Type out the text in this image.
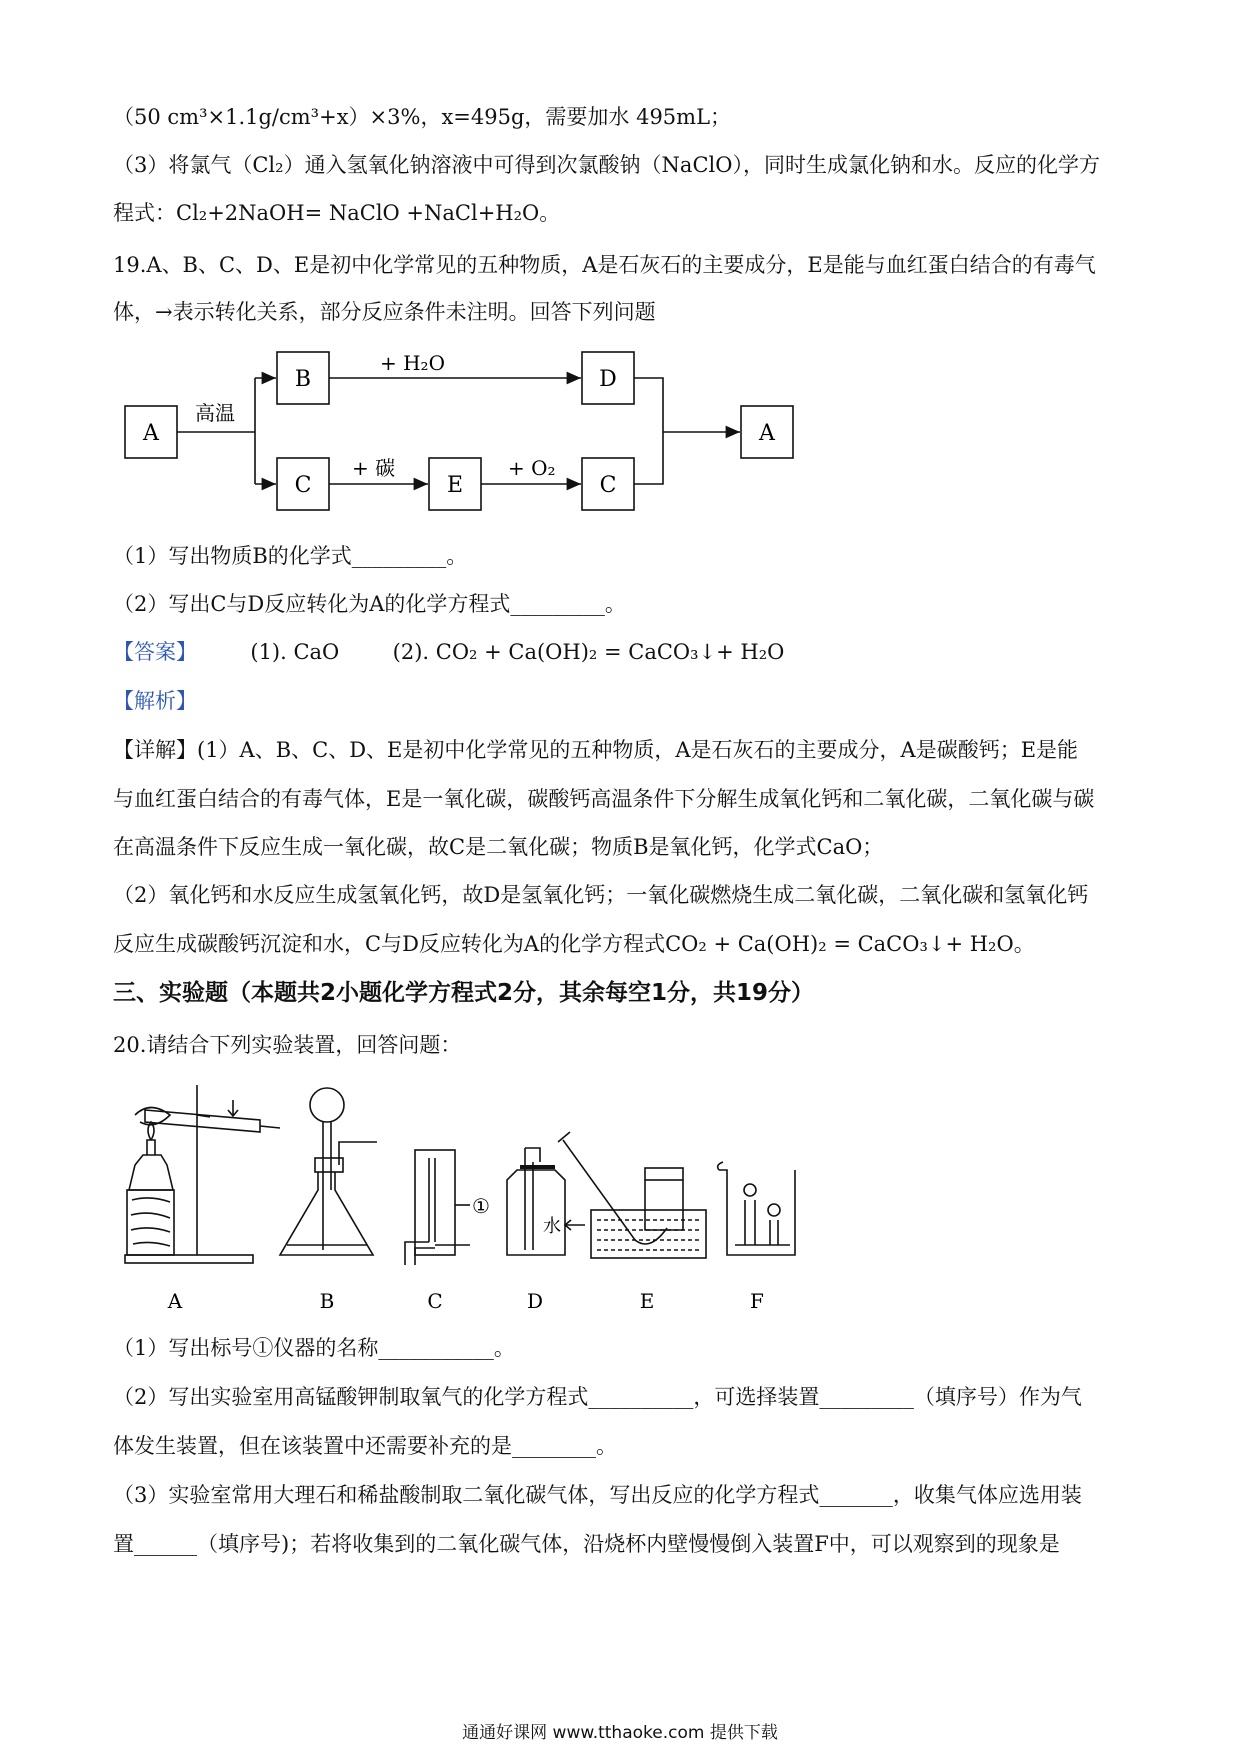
（50 cm³×1.1g/cm³+x）×3%，x=495g，需要加水 495mL；
（3）将氯气（Cl₂）通入氢氧化钠溶液中可得到次氯酸钠（NaClO），同时生成氯化钠和水。反应的化学方
程式：Cl₂+2NaOH= NaClO +NaCl+H₂O。
19.A、B、C、D、E是初中化学常见的五种物质，A是石灰石的主要成分，E是能与血红蛋白结合的有毒气
体，→表示转化关系，部分反应条件未注明。回答下列问题
A
B	D
A
C	E	C
高温
+ H₂O
+ 碳	+ O₂
（1）写出物质B的化学式_________。
（2）写出C与D反应转化为A的化学方程式_________。
【答案】	(1). CaO	(2). CO₂ + Ca(OH)₂ = CaCO₃↓+ H₂O
【解析】
【详解】(1）A、B、C、D、E是初中化学常见的五种物质，A是石灰石的主要成分，A是碳酸钙；E是能
与血红蛋白结合的有毒气体，E是一氧化碳，碳酸钙高温条件下分解生成氧化钙和二氧化碳，二氧化碳与碳
在高温条件下反应生成一氧化碳，故C是二氧化碳；物质B是氧化钙，化学式CaO；
（2）氧化钙和水反应生成氢氧化钙，故D是氢氧化钙；一氧化碳燃烧生成二氧化碳，二氧化碳和氢氧化钙
反应生成碳酸钙沉淀和水，C与D反应转化为A的化学方程式CO₂ + Ca(OH)₂ = CaCO₃↓+ H₂O。
三、实验题（本题共2小题化学方程式2分，其余每空1分，共19分）
20.请结合下列实验装置，回答问题：
A	B
①
C	D
水
E	F
（1）写出标号①仪器的名称___________。
（2）写出实验室用高锰酸钾制取氧气的化学方程式__________，可选择装置_________（填序号）作为气
体发生装置，但在该装置中还需要补充的是________。
（3）实验室常用大理石和稀盐酸制取二氧化碳气体，写出反应的化学方程式_______，收集气体应选用装
置______（填序号)；若将收集到的二氧化碳气体，沿烧杯内壁慢慢倒入装置F中，可以观察到的现象是
通通好课网 www.tthaoke.com 提供下载
